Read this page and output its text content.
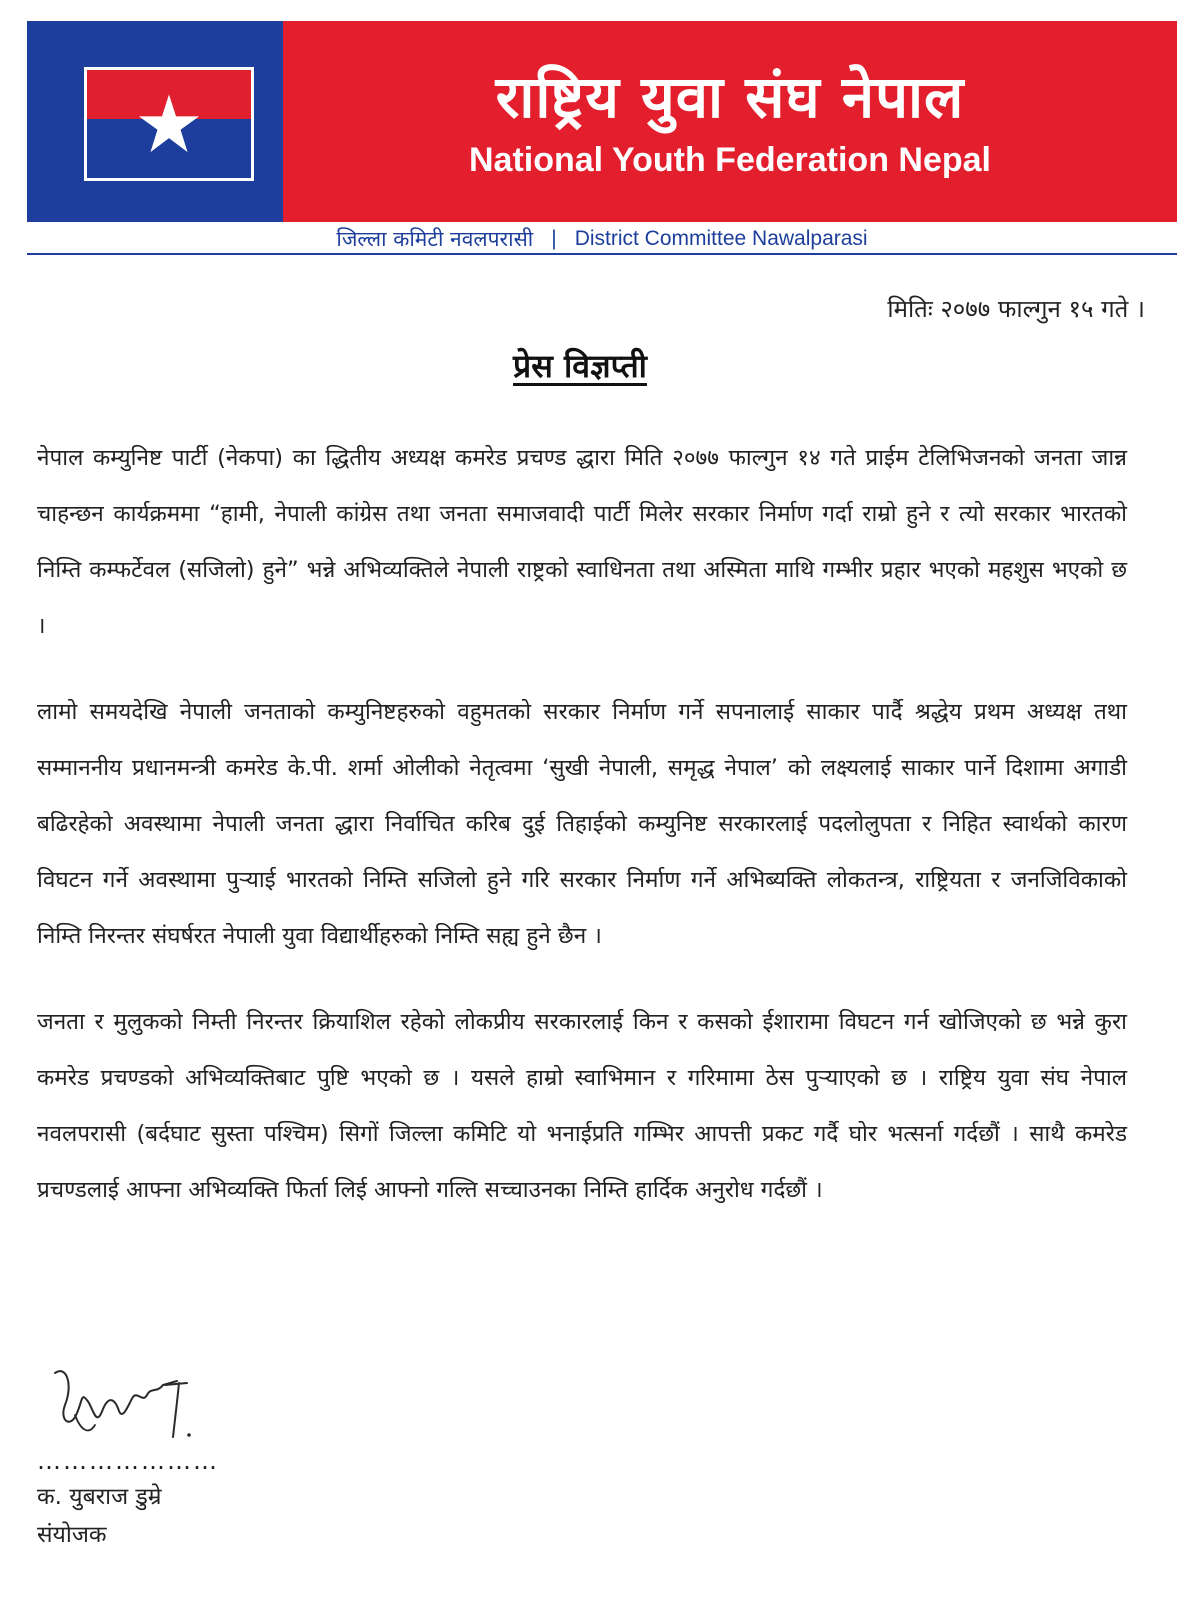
राष्ट्रिय युवा संघ नेपाल
National Youth Federation Nepal
जिल्ला कमिटी नवलपरासी | District Committee Nawalparasi
मितिः २०७७ फाल्गुन १५ गते ।
प्रेस विज्ञप्ती

नेपाल कम्युनिष्ट पार्टी (नेकपा) का द्धितीय अध्यक्ष कमरेड प्रचण्ड द्धारा मिति २०७७ फाल्गुन १४ गते प्राईम टेलिभिजनको जनता जान्न चाहन्छन कार्यक्रममा “हामी, नेपाली कांग्रेस तथा जनता समाजवादी पार्टी मिलेर सरकार निर्माण गर्दा राम्रो हुने र त्यो सरकार भारतको निम्ति कम्फर्टेवल (सजिलो) हुने” भन्ने अभिव्यक्तिले नेपाली राष्ट्रको स्वाधिनता तथा अस्मिता माथि गम्भीर प्रहार भएको महशुस भएको छ ।

लामो समयदेखि नेपाली जनताको कम्युनिष्टहरुको वहुमतको सरकार निर्माण गर्ने सपनालाई साकार पार्दै श्रद्धेय प्रथम अध्यक्ष तथा सम्माननीय प्रधानमन्त्री कमरेड के.पी. शर्मा ओलीको नेतृत्वमा ‘सुखी नेपाली, समृद्ध नेपाल’ को लक्ष्यलाई साकार पार्ने दिशामा अगाडी बढिरहेको अवस्थामा नेपाली जनता द्धारा निर्वाचित करिब दुई तिहाईको कम्युनिष्ट सरकारलाई पदलोलुपता र निहित स्वार्थको कारण विघटन गर्ने अवस्थामा पुर्‍याई भारतको निम्ति सजिलो हुने गरि सरकार निर्माण गर्ने अभिब्यक्ति लोकतन्त्र, राष्ट्रियता र जनजिविकाको निम्ति निरन्तर संघर्षरत नेपाली युवा विद्यार्थीहरुको निम्ति सह्य हुने छैन ।

जनता र मुलुकको निम्ती निरन्तर क्रियाशिल रहेको लोकप्रीय सरकारलाई किन र कसको ईशारामा विघटन गर्न खोजिएको छ भन्ने कुरा कमरेड प्रचण्डको अभिव्यक्तिबाट पुष्टि भएको छ । यसले हाम्रो स्वाभिमान र गरिमामा ठेस पुर्‍याएको छ । राष्ट्रिय युवा संघ नेपाल नवलपरासी (बर्दघाट सुस्ता पश्चिम) सिगों जिल्ला कमिटि यो भनाईप्रति गम्भिर आपत्ती प्रकट गर्दै घोर भत्सर्ना गर्दछौं । साथै कमरेड प्रचण्डलाई आफ्ना अभिव्यक्ति फिर्ता लिई आफ्नो गल्ति सच्चाउनका निम्ति हार्दिक अनुरोध गर्दछौं ।

…………………
क. युबराज डुम्रे
संयोजक
